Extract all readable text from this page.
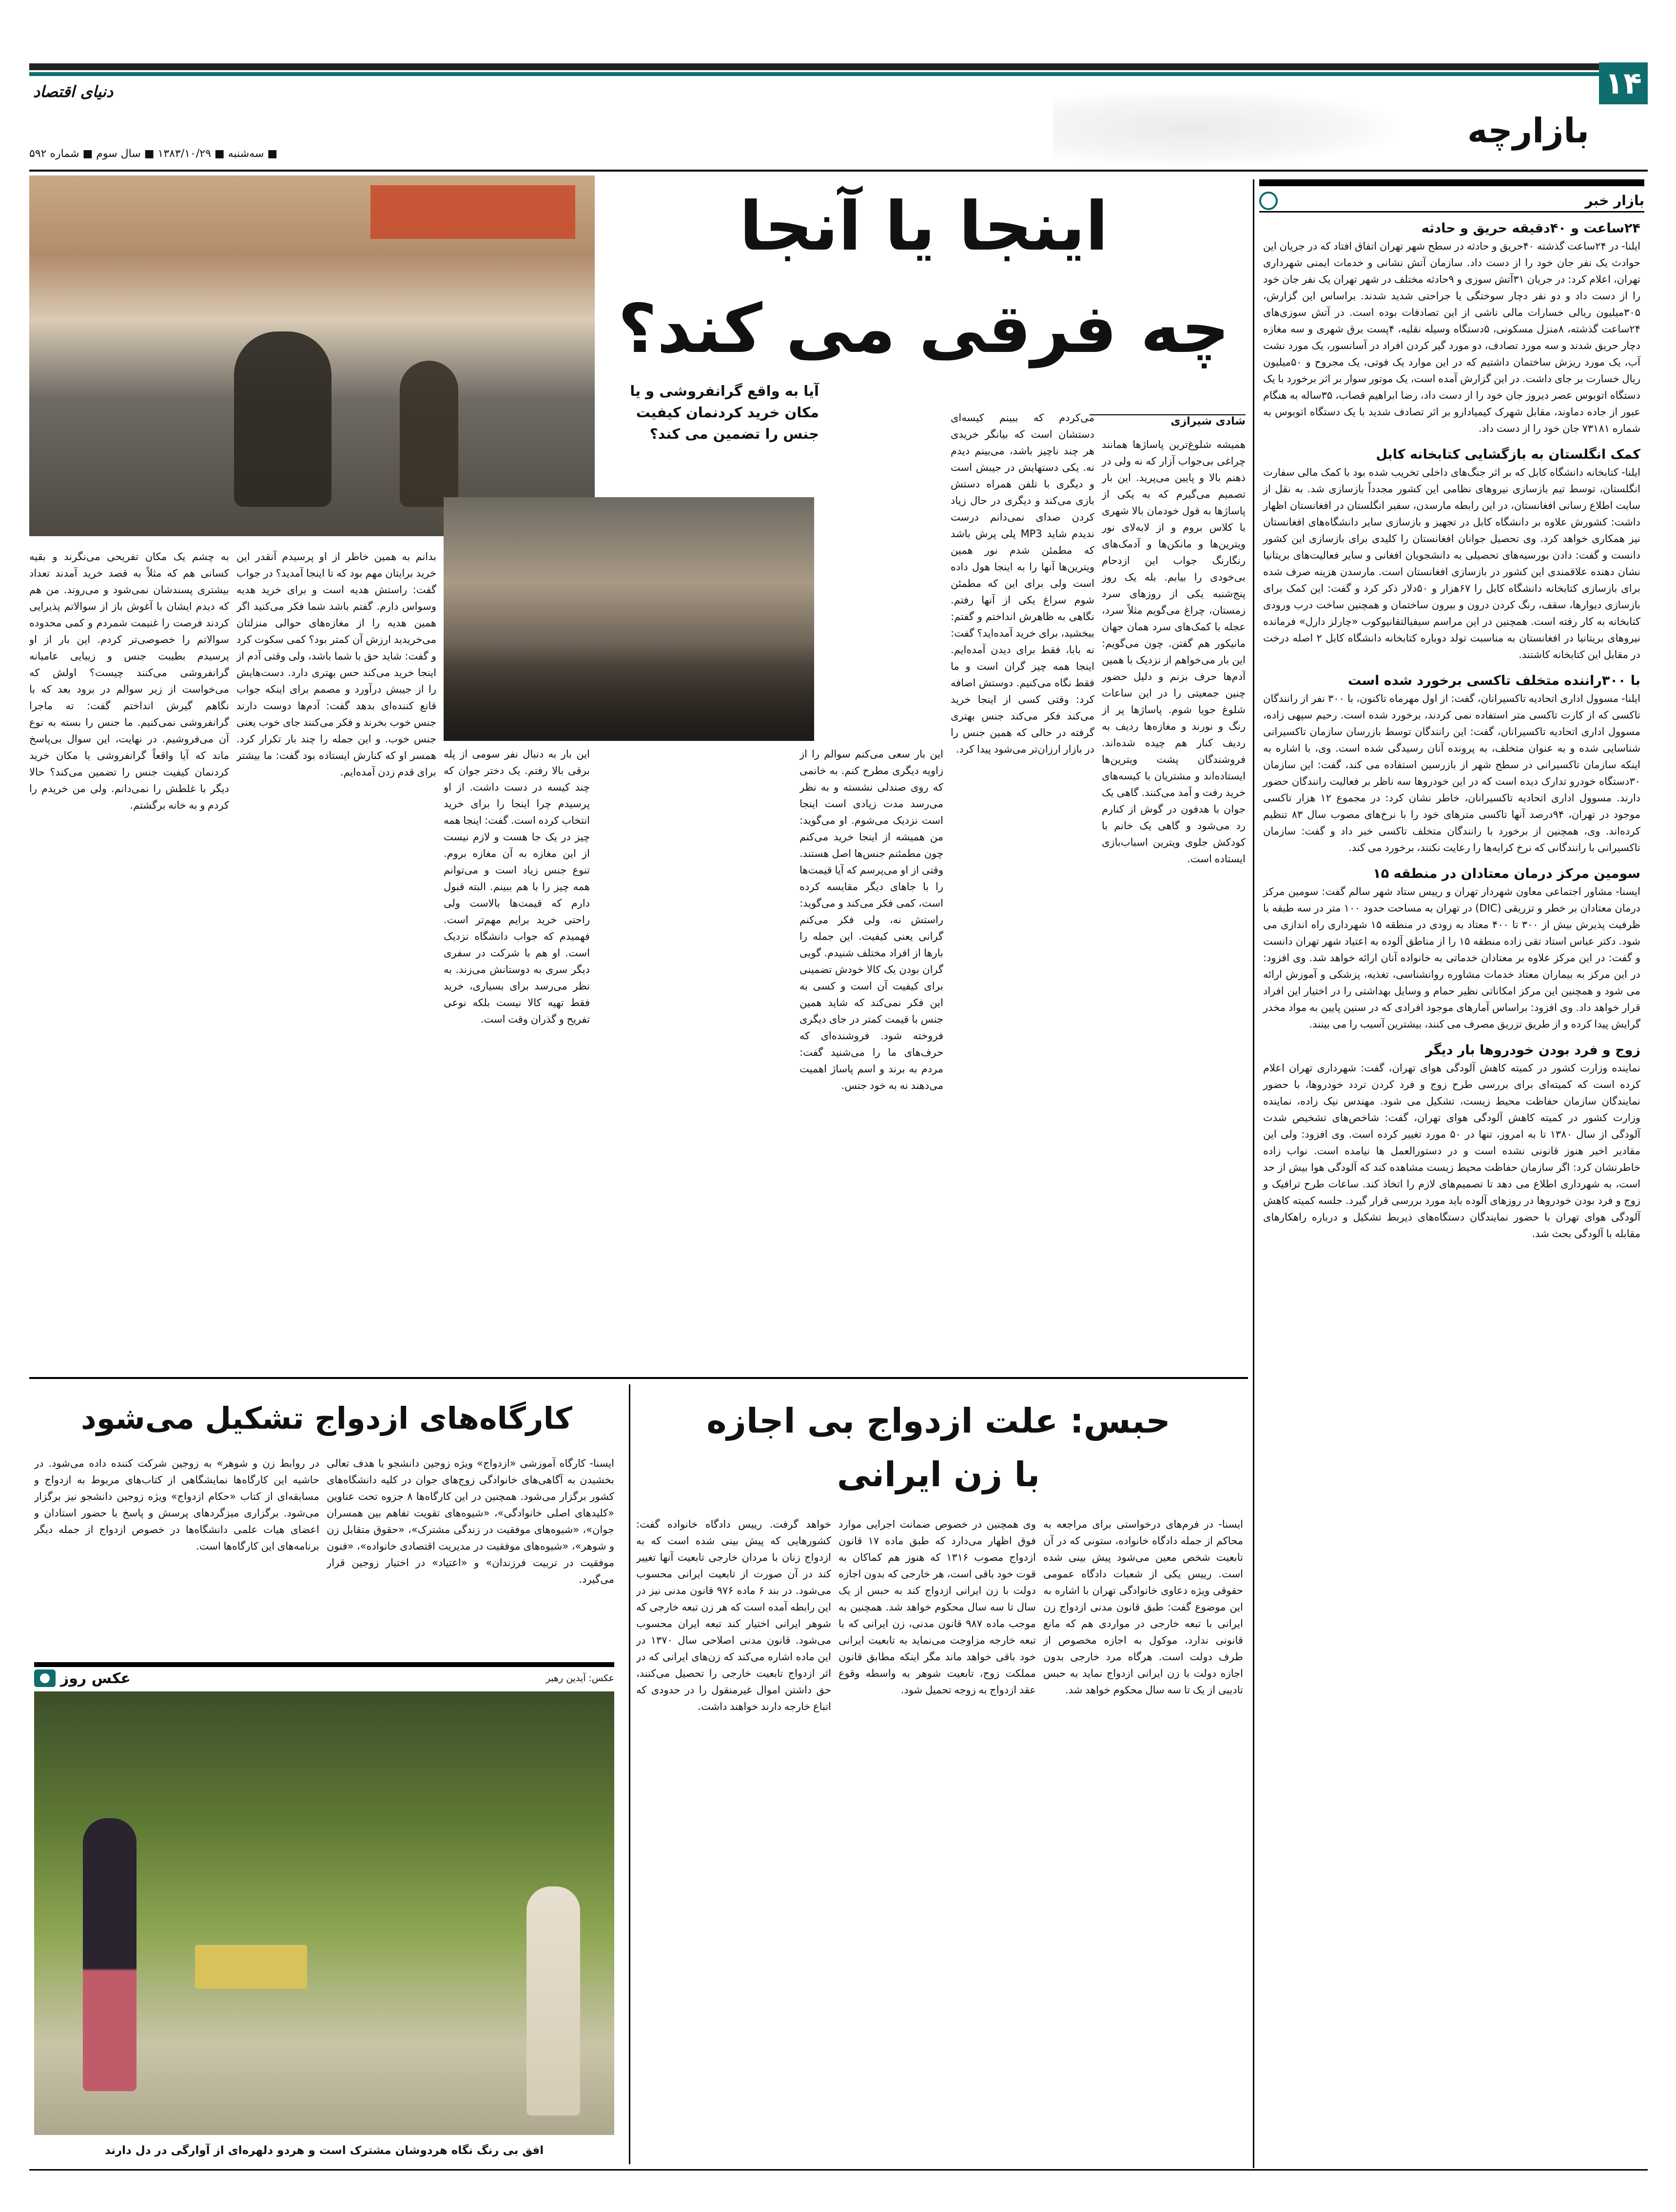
۱۴
دنیای اقتصاد
بازارچه
■ سه‌شنبه ■ ۱۳۸۳/۱۰/۲۹ ■ سال سوم ■ شماره ۵۹۲
بازار خبر
۲۴ساعت و ۴۰دقیقه حریق و حادثه

ایلنا- در ۲۴ساعت گذشته ۴۰حریق و حادثه در سطح شهر تهران اتفاق افتاد که در جریان این حوادث یک نفر جان خود را از دست داد. سازمان آتش نشانی و خدمات ایمنی شهرداری تهران، اعلام کرد: در جریان ۳۱آتش سوزی و ۹حادثه مختلف در شهر تهران یک نفر جان خود را از دست داد و دو نفر دچار سوختگی یا جراحتی شدید شدند. براساس این گزارش، ۳۰۵میلیون ریالی خسارات مالی ناشی از این تصادفات بوده است. در آتش سوزی‌های ۲۴ساعت گذشته، ۸منزل مسکونی، ۵دستگاه وسیله نقلیه، ۴پست برق شهری و سه مغازه دچار حریق شدند و سه مورد تصادف، دو مورد گیر کردن افراد در آسانسور، یک مورد نشت آب، یک مورد ریزش ساختمان داشتیم که در این موارد یک فوتی، یک مجروح و ۵۰میلیون ریال خسارت بر جای داشت. در این گزارش آمده است، یک موتور سوار بر اثر برخورد با یک دستگاه اتوبوس عصر دیروز جان خود را از دست داد، رضا ابراهیم قصاب، ۳۵ساله به هنگام عبور از جاده دماوند، مقابل شهرک کیمیادارو بر اثر تصادف شدید با یک دستگاه اتوبوس به شماره ۷۳۱۸۱ جان خود را از دست داد.

کمک انگلستان به بازگشایی کتابخانه کابل

ایلنا- کتابخانه دانشگاه کابل که بر اثر جنگ‌های داخلی تخریب شده بود با کمک مالی سفارت انگلستان، توسط تیم بازسازی نیروهای نظامی این کشور مجدداً بازسازی شد. به نقل از سایت اطلاع رسانی افغانستان، در این رابطه مارسدن، سفیر انگلستان در افغانستان اظهار داشت: کشورش علاوه بر دانشگاه کابل در تجهیز و بازسازی سایر دانشگاه‌های افغانستان نیز همکاری خواهد کرد. وی تحصیل جوانان افغانستان را کلیدی برای بازسازی این کشور دانست و گفت: دادن بورسیه‌های تحصیلی به دانشجویان افغانی و سایر فعالیت‌های بریتانیا نشان دهنده علاقمندی این کشور در بازسازی افغانستان است. مارسدن هزینه صرف شده برای بازسازی کتابخانه دانشگاه کابل را ۶۷هزار و ۵۰دلار ذکر کرد و گفت: این کمک برای بازسازی دیوارها، سقف، رنگ کردن درون و بیرون ساختمان و همچنین ساخت درب ورودی کتابخانه به کار رفته است. همچنین در این مراسم سیفیالتقانیوکوب «چارلز دارل» فرمانده نیروهای بریتانیا در افغانستان به مناسبت تولد دوباره کتابخانه دانشگاه کابل ۲ اصله درخت در مقابل این کتابخانه کاشتند.

با ۳۰۰راننده متخلف تاکسی برخورد شده است

ایلنا- مسوول اداری اتحادیه تاکسیرانان، گفت: از اول مهرماه تاکنون، با ۳۰۰ نفر از رانندگان تاکسی که از کارت تاکسی متر استفاده نمی کردند، برخورد شده است. رحیم سپهی زاده، مسوول اداری اتحادیه تاکسیرانان، گفت: این رانندگان توسط بازرسان سازمان تاکسیرانی شناسایی شده و به عنوان متخلف، به پرونده آنان رسیدگی شده است. وی، با اشاره به اینکه سازمان تاکسیرانی در سطح شهر از بازرسین استفاده می کند، گفت: این سازمان ۳۰دستگاه خودرو تدارک دیده است که در این خودروها سه ناظر بر فعالیت رانندگان حضور دارند. مسوول اداری اتحادیه تاکسیرانان، خاطر نشان کرد: در مجموع ۱۲ هزار تاکسی موجود در تهران، ۹۴درصد آنها تاکسی مترهای خود را با نرخ‌های مصوب سال ۸۳ تنظیم کرده‌اند. وی، همچنین از برخورد با رانندگان متخلف تاکسی خبر داد و گفت: سازمان تاکسیرانی با رانندگانی که نرخ کرایه‌ها را رعایت نکنند، برخورد می کند.

سومین مرکز درمان معتادان در منطقه ۱۵

ایسنا- مشاور اجتماعی معاون شهردار تهران و رییس ستاد شهر سالم گفت: سومین مرکز درمان معتادان بر خطر و تزریقی (DIC) در تهران به مساحت حدود ۱۰۰ متر در سه طبقه با ظرفیت پذیرش بیش از ۳۰۰ تا ۴۰۰ معتاد به زودی در منطقه ۱۵ شهرداری راه اندازی می شود. دکتر عباس استاد تقی زاده منطقه ۱۵ را از مناطق آلوده به اعتیاد شهر تهران دانست و گفت: در این مرکز علاوه بر معتادان خدماتی به خانواده آنان ارائه خواهد شد. وی افزود: در این مرکز به بیماران معتاد خدمات مشاوره روانشناسی، تغذیه، پزشکی و آموزش ارائه می شود و همچنین این مرکز امکاناتی نظیر حمام و وسایل بهداشتی را در اختیار این افراد قرار خواهد داد. وی افزود: براساس آمارهای موجود افرادی که در سنین پایین به مواد مخدر گرایش پیدا کرده و از طریق تزریق مصرف می کنند، بیشترین آسیب را می بینند.

زوج و فرد بودن خودروها بار دیگر

نماینده وزارت کشور در کمیته کاهش آلودگی هوای تهران، گفت: شهرداری تهران اعلام کرده است که کمیته‌ای برای بررسی طرح زوج و فرد کردن تردد خودروها، با حضور نمایندگان سازمان حفاظت محیط زیست، تشکیل می شود. مهندس نیک زاده، نماینده وزارت کشور در کمیته کاهش آلودگی هوای تهران، گفت: شاخص‌های تشخیص شدت آلودگی از سال ۱۳۸۰ تا به امروز، تنها در ۵۰ مورد تغییر کرده است. وی افزود: ولی این مقادیر اخیر هنوز قانونی نشده است و در دستورالعمل ها نیامده است. نواب زاده خاطرنشان کرد: اگر سازمان حفاظت محیط زیست مشاهده کند که آلودگی هوا بیش از حد است، به شهرداری اطلاع می دهد تا تصمیم‌های لازم را اتخاذ کند. ساعات طرح ترافیک و زوج و فرد بودن خودروها در روزهای آلوده باید مورد بررسی قرار گیرد. جلسه کمیته کاهش آلودگی هوای تهران با حضور نمایندگان دستگاه‌های ذیربط تشکیل و درباره راهکارهای مقابله با آلودگی بحث شد.

اینجا یا آنجا
چه فرقی می کند؟
آیا به واقع گرانفروشی و یا مکان خرید کردنمان کیفیت جنس را تضمین می کند؟
شادی شیرازی

همیشه شلوغ‌ترین پاساژها همانند چراغی بی‌جواب آزار که نه ولی در ذهنم بالا و پایین می‌پرید. این بار تصمیم می‌گیرم که به یکی از پاساژها به قول خودمان بالا شهری با کلاس بروم و از لابه‌لای نور ویترین‌ها و مانکن‌ها و آدمک‌های رنگارنگ جواب این ازدحام بی‌خودی را بیابم. بله یک روز پنج‌شنبه یکی از روزهای سرد زمستان، چراغ می‌گویم مثلاً سرد، عجله با کمک‌های سرد همان جهان مانیکور هم گفتن. چون می‌گویم: این بار می‌خواهم از نزدیک با همین آدم‌ها حرف بزنم و دلیل حضور چنین جمعیتی را در این ساعات شلوغ جویا شوم. پاساژها پر از رنگ و نورند و مغازه‌ها ردیف به ردیف کنار هم چیده شده‌اند. فروشندگان پشت ویترین‌ها ایستاده‌اند و مشتریان با کیسه‌های خرید رفت و آمد می‌کنند. گاهی یک جوان با هدفون در گوش از کنارم رد می‌شود و گاهی یک خانم با کودکش جلوی ویترین اسباب‌بازی ایستاده است.

می‌کردم که ببینم کیسه‌ای دستشان است که بیانگر خریدی هر چند ناچیز باشد، می‌بینم دیدم نه. یکی دستهایش در جیبش است و دیگری با تلفن همراه دستش بازی می‌کند و دیگری در حال زیاد کردن صدای نمی‌دانم درست ندیدم شاید MP3 پلی پرش باشد که مطمئن شدم نور همین ویترین‌ها آنها را به اینجا هول داده است ولی برای این که مطمئن شوم سراغ یکی از آنها رفتم. نگاهی به ظاهرش انداختم و گفتم: ببخشید، برای خرید آمده‌اید؟ گفت: نه بابا، فقط برای دیدن آمده‌ایم. اینجا همه چیز گران است و ما فقط نگاه می‌کنیم. دوستش اضافه کرد: وقتی کسی از اینجا خرید می‌کند فکر می‌کند جنس بهتری گرفته در حالی که همین جنس را در بازار ارزان‌تر می‌شود پیدا کرد.

این بار سعی می‌کنم سوالم را از زاویه دیگری مطرح کنم. به خانمی که روی صندلی نشسته و به نظر می‌رسد مدت زیادی است اینجا است نزدیک می‌شوم. او می‌گوید: من همیشه از اینجا خرید می‌کنم چون مطمئنم جنس‌ها اصل هستند. وقتی از او می‌پرسم که آیا قیمت‌ها را با جاهای دیگر مقایسه کرده است، کمی فکر می‌کند و می‌گوید: راستش نه، ولی فکر می‌کنم گرانی یعنی کیفیت. این جمله را بارها از افراد مختلف شنیدم. گویی گران بودن یک کالا خودش تضمینی برای کیفیت آن است و کسی به این فکر نمی‌کند که شاید همین جنس با قیمت کمتر در جای دیگری فروخته شود. فروشنده‌ای که حرف‌های ما را می‌شنید گفت: مردم به برند و اسم پاساژ اهمیت می‌دهند نه به خود جنس.

این بار به دنبال نفر سومی از پله برقی بالا رفتم. یک دختر جوان که چند کیسه در دست داشت. از او پرسیدم چرا اینجا را برای خرید انتخاب کرده است. گفت: اینجا همه چیز در یک جا هست و لازم نیست از این مغازه به آن مغازه بروم. تنوع جنس زیاد است و می‌توانم همه چیز را با هم ببینم. البته قبول دارم که قیمت‌ها بالاست ولی راحتی خرید برایم مهم‌تر است. فهمیدم که جواب دانشگاه نزدیک است. او هم با شرکت در سفری دیگر سری به دوستانش می‌زند. به نظر می‌رسد برای بسیاری، خرید فقط تهیه کالا نیست بلکه نوعی تفریح و گذران وقت است.

بدانم به همین خاطر از او پرسیدم آنقدر این خرید برایتان مهم بود که تا اینجا آمدید؟ در جواب گفت: راستش هدیه است و برای خرید هدیه وسواس دارم. گفتم باشد شما فکر می‌کنید اگر همین هدیه را از مغازه‌های حوالی منزلتان می‌خریدید ارزش آن کمتر بود؟ کمی سکوت کرد و گفت: شاید حق با شما باشد، ولی وقتی آدم از اینجا خرید می‌کند حس بهتری دارد. دست‌هایش را از جیبش درآورد و مصمم برای اینکه جواب قانع کننده‌ای بدهد گفت: آدم‌ها دوست دارند جنس خوب بخرند و فکر می‌کنند جای خوب یعنی جنس خوب. و این جمله را چند بار تکرار کرد. همسر او که کنارش ایستاده بود گفت: ما بیشتر برای قدم زدن آمده‌ایم.

به چشم یک مکان تفریحی می‌نگرند و بقیه کسانی هم که مثلاً به قصد خرید آمدند تعداد بیشتری پسندشان نمی‌شود و می‌روند. من هم که دیدم ایشان با آغوش باز از سوالاتم پذیرایی کردند فرصت را غنیمت شمردم و کمی محدوده سوالاتم را خصوصی‌تر کردم. این بار از او پرسیدم بطیبت جنس و زیبایی عامیانه گرانفروشی می‌کنند چیست؟ اولش که می‌خواست از زیر سوالم در برود بعد که با نگاهم گیرش انداختم گفت: ته ماجرا گرانفروشی نمی‌کنیم. ما جنس را بسته به نوع آن می‌فروشیم. در نهایت، این سوال بی‌پاسخ ماند که آیا واقعاً گرانفروشی یا مکان خرید کردنمان کیفیت جنس را تضمین می‌کند؟ حالا دیگر با غلطش را نمی‌دانم. ولی من خریدم را کردم و به خانه برگشتم.

حبس: علت ازدواج بی اجازه
با زن ایرانی

ایسنا- در فرم‌های درخواستی برای مراجعه به محاکم از جمله دادگاه خانواده، ستونی که در آن تابعیت شخص معین می‌شود پیش بینی شده است. رییس یکی از شعبات دادگاه عمومی حقوقی ویژه دعاوی خانوادگی تهران با اشاره به این موضوع گفت: طبق قانون مدنی ازدواج زن ایرانی با تبعه خارجی در مواردی هم که مانع قانونی ندارد، موکول به اجازه مخصوص از طرف دولت است. هرگاه مرد خارجی بدون اجازه دولت با زن ایرانی ازدواج نماید به حبس تادیبی از یک تا سه سال محکوم خواهد شد.

وی همچنین در خصوص ضمانت اجرایی موارد فوق اظهار می‌دارد که طبق ماده ۱۷ قانون ازدواج مصوب ۱۳۱۶ که هنوز هم کماکان به قوت خود باقی است، هر خارجی که بدون اجازه دولت با زن ایرانی ازدواج کند به حبس از یک سال تا سه سال محکوم خواهد شد. همچنین به موجب ماده ۹۸۷ قانون مدنی، زن ایرانی که با تبعه خارجه مزاوجت می‌نماید به تابعیت ایرانی خود باقی خواهد ماند مگر اینکه مطابق قانون مملکت زوج، تابعیت شوهر به واسطه وقوع عقد ازدواج به زوجه تحمیل شود.

خواهد گرفت. رییس دادگاه خانواده گفت: کشورهایی که پیش بینی شده است که به ازدواج زنان با مردان خارجی تابعیت آنها تغییر کند در آن صورت از تابعیت ایرانی محسوب می‌شود. در بند ۶ ماده ۹۷۶ قانون مدنی نیز در این رابطه آمده است که هر زن تبعه خارجی که شوهر ایرانی اختیار کند تبعه ایران محسوب می‌شود. قانون مدنی اصلاحی سال ۱۳۷۰ در این ماده اشاره می‌کند که زن‌های ایرانی که در اثر ازدواج تابعیت خارجی را تحصیل می‌کنند، حق داشتن اموال غیرمنقول را در حدودی که اتباع خارجه دارند خواهند داشت.

کارگاه‌های ازدواج تشکیل می‌شود

ایسنا- کارگاه آموزشی «ازدواج» ویژه زوجین دانشجو با هدف تعالی بخشیدن به آگاهی‌های خانوادگی زوج‌های جوان در کلیه دانشگاه‌های کشور برگزار می‌شود. همچنین در این کارگاه‌ها ۸ جزوه تحت عناوین «کلیدهای اصلی خانوادگی»، «شیوه‌های تقویت تفاهم بین همسران جوان»، «شیوه‌های موفقیت در زندگی مشترک»، «حقوق متقابل زن و شوهر»، «شیوه‌های موفقیت در مدیریت اقتصادی خانواده»، «فنون موفقیت در تربیت فرزندان» و «اعتیاد» در اختیار زوجین قرار می‌گیرد.

در روابط زن و شوهر» به زوجین شرکت کننده داده می‌شود. در حاشیه این کارگاه‌ها نمایشگاهی از کتاب‌های مربوط به ازدواج و مسابقه‌ای از کتاب «حکام ازدواج» ویژه زوجین دانشجو نیز برگزار می‌شود. برگزاری میزگردهای پرسش و پاسخ با حضور استادان و اعضای هیات علمی دانشگاه‌ها در خصوص ازدواج از جمله دیگر برنامه‌های این کارگاه‌ها است.

عکس: آیدین رهبر
عکس روز
افق بی رنگ نگاه هردوشان مشترک است و هردو دلهره‌ای از آوارگی در دل دارند
